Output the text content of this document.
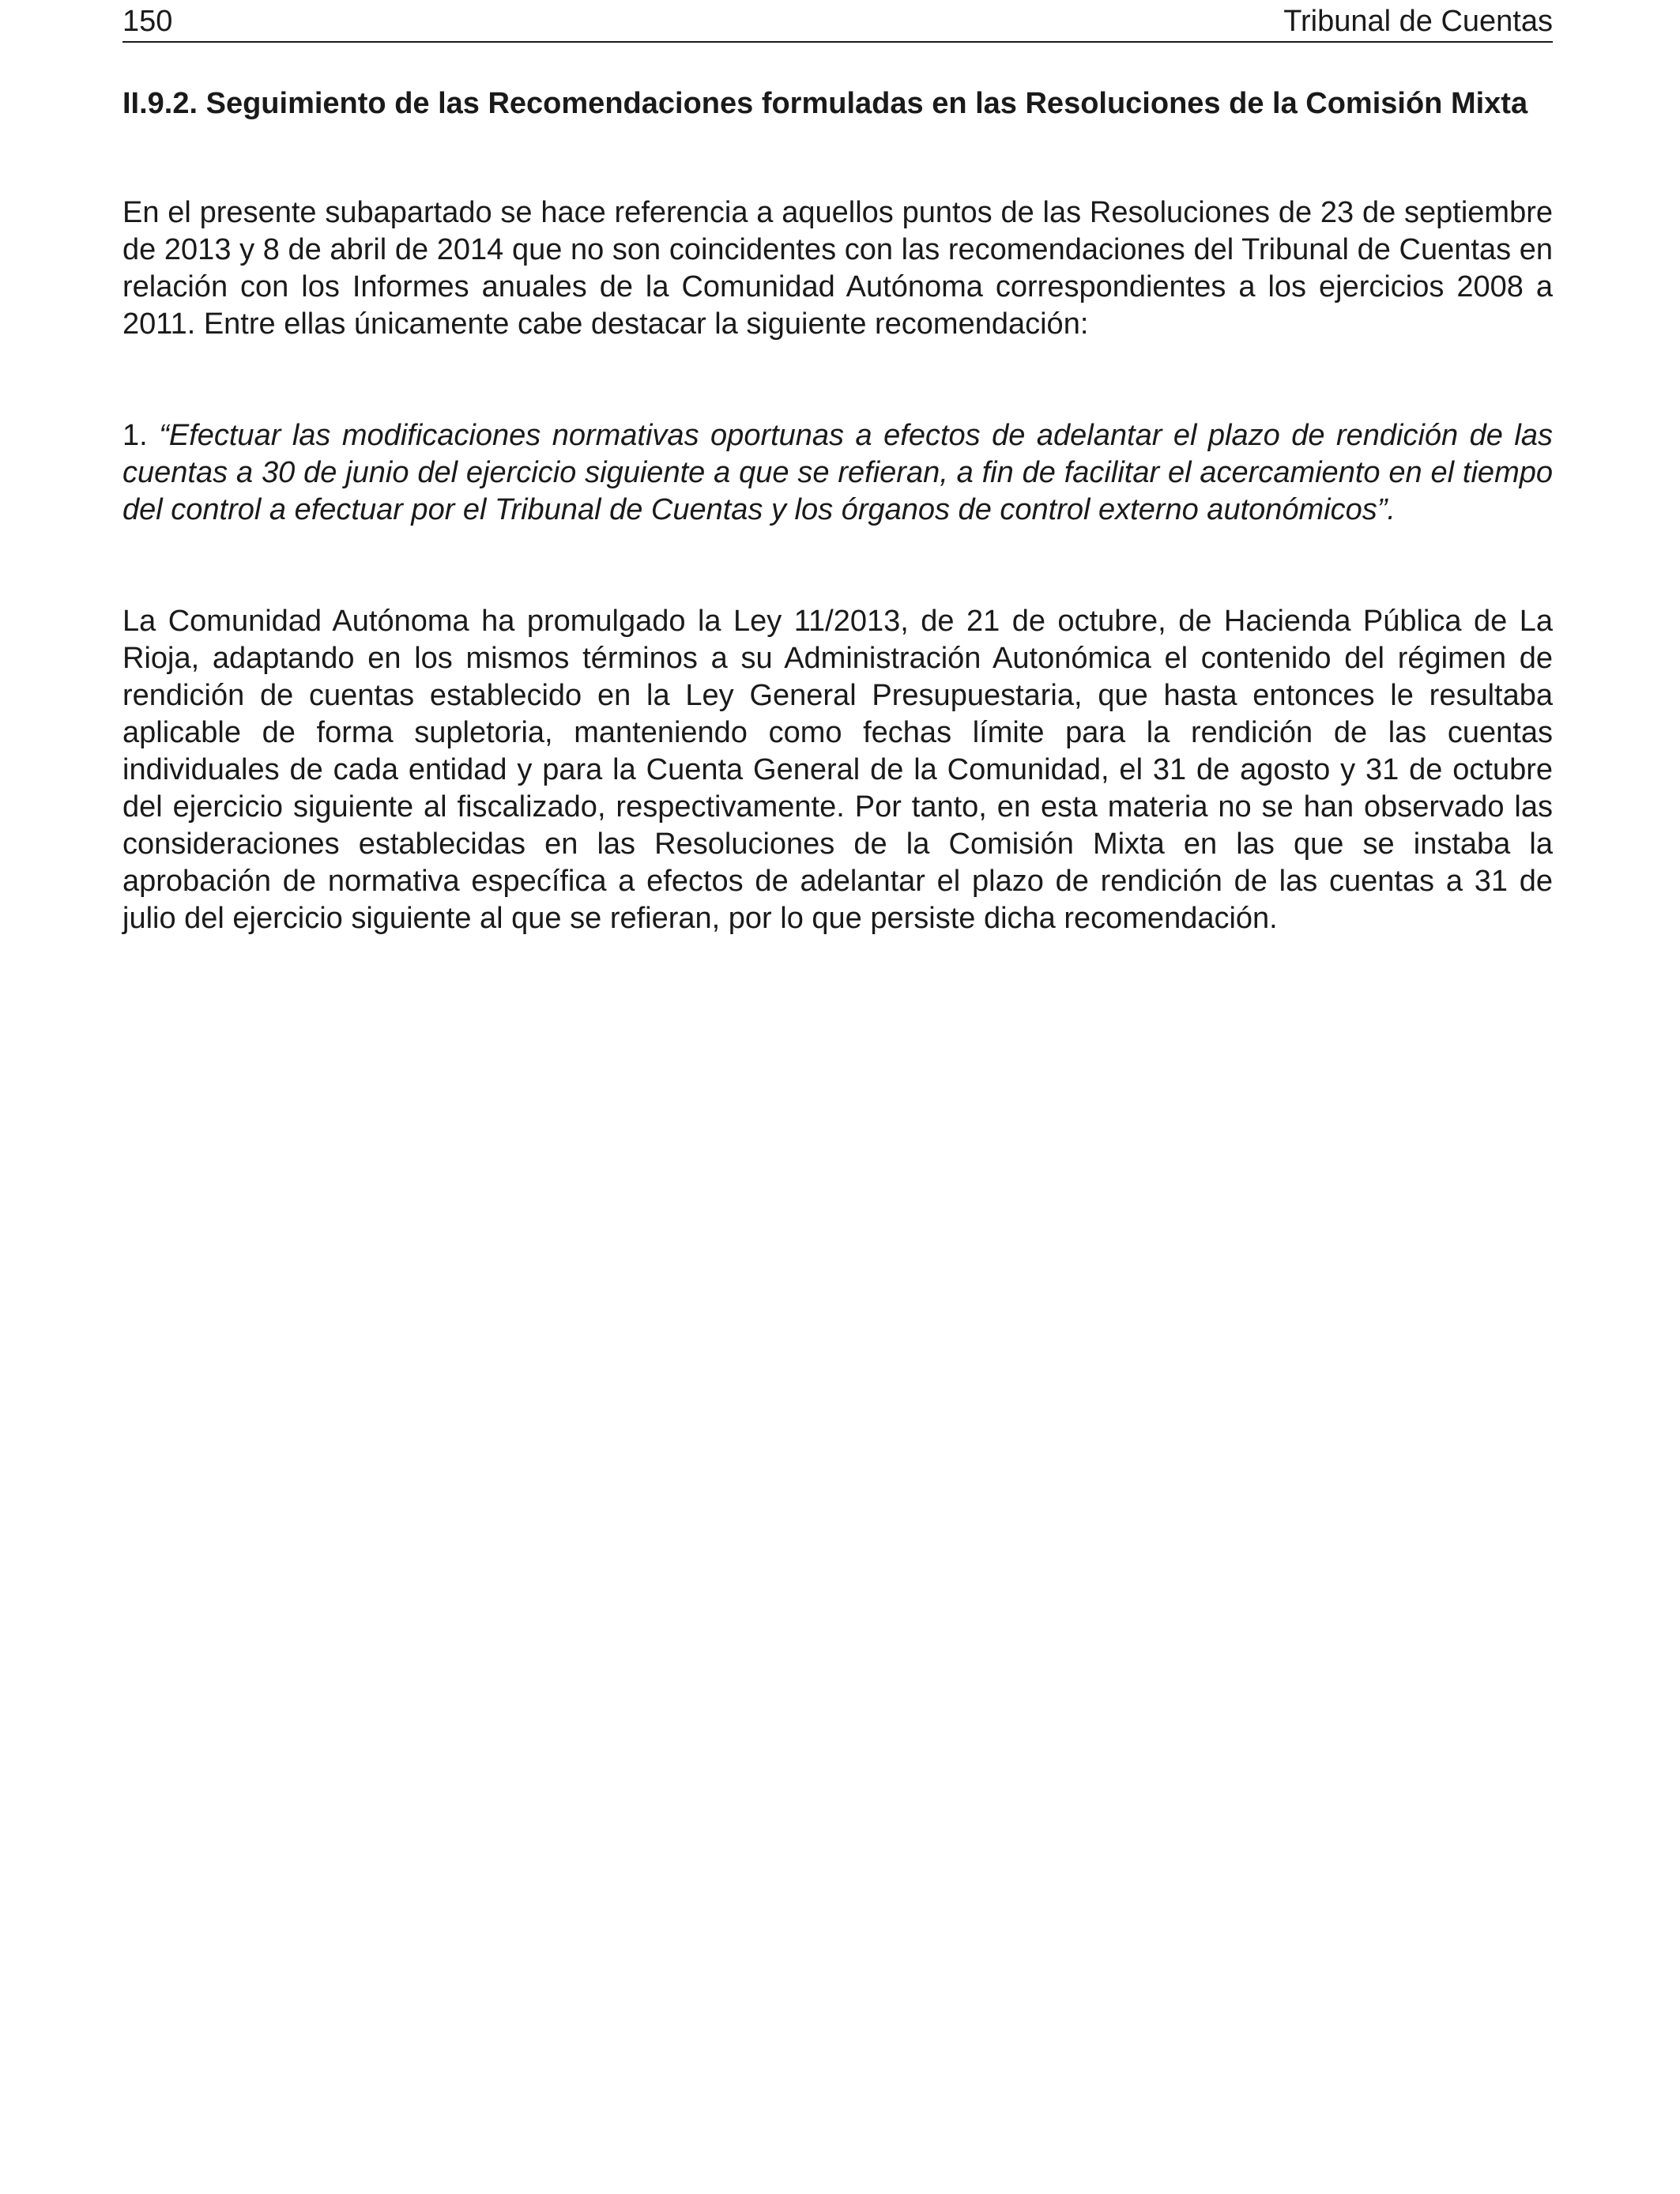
150	Tribunal de Cuentas
II.9.2. Seguimiento de las Recomendaciones formuladas en las Resoluciones de la Comisión Mixta

En el presente subapartado se hace referencia a aquellos puntos de las Resoluciones de 23 de septiembre de 2013 y 8 de abril de 2014 que no son coincidentes con las recomendaciones del Tribunal de Cuentas en relación con los Informes anuales de la Comunidad Autónoma correspondientes a los ejercicios 2008 a 2011. Entre ellas únicamente cabe destacar la siguiente recomendación:

1. “Efectuar las modificaciones normativas oportunas a efectos de adelantar el plazo de rendición de las cuentas a 30 de junio del ejercicio siguiente a que se refieran, a fin de facilitar el acercamiento en el tiempo del control a efectuar por el Tribunal de Cuentas y los órganos de control externo autonómicos”.

La Comunidad Autónoma ha promulgado la Ley 11/2013, de 21 de octubre, de Hacienda Pública de La Rioja, adaptando en los mismos términos a su Administración Autonómica el contenido del régimen de rendición de cuentas establecido en la Ley General Presupuestaria, que hasta entonces le resultaba aplicable de forma supletoria, manteniendo como fechas límite para la rendición de las cuentas individuales de cada entidad y para la Cuenta General de la Comunidad, el 31 de agosto y 31 de octubre del ejercicio siguiente al fiscalizado, respectivamente. Por tanto, en esta materia no se han observado las consideraciones establecidas en las Resoluciones de la Comisión Mixta en las que se instaba la aprobación de normativa específica a efectos de adelantar el plazo de rendición de las cuentas a 31 de julio del ejercicio siguiente al que se refieran, por lo que persiste dicha recomendación.
